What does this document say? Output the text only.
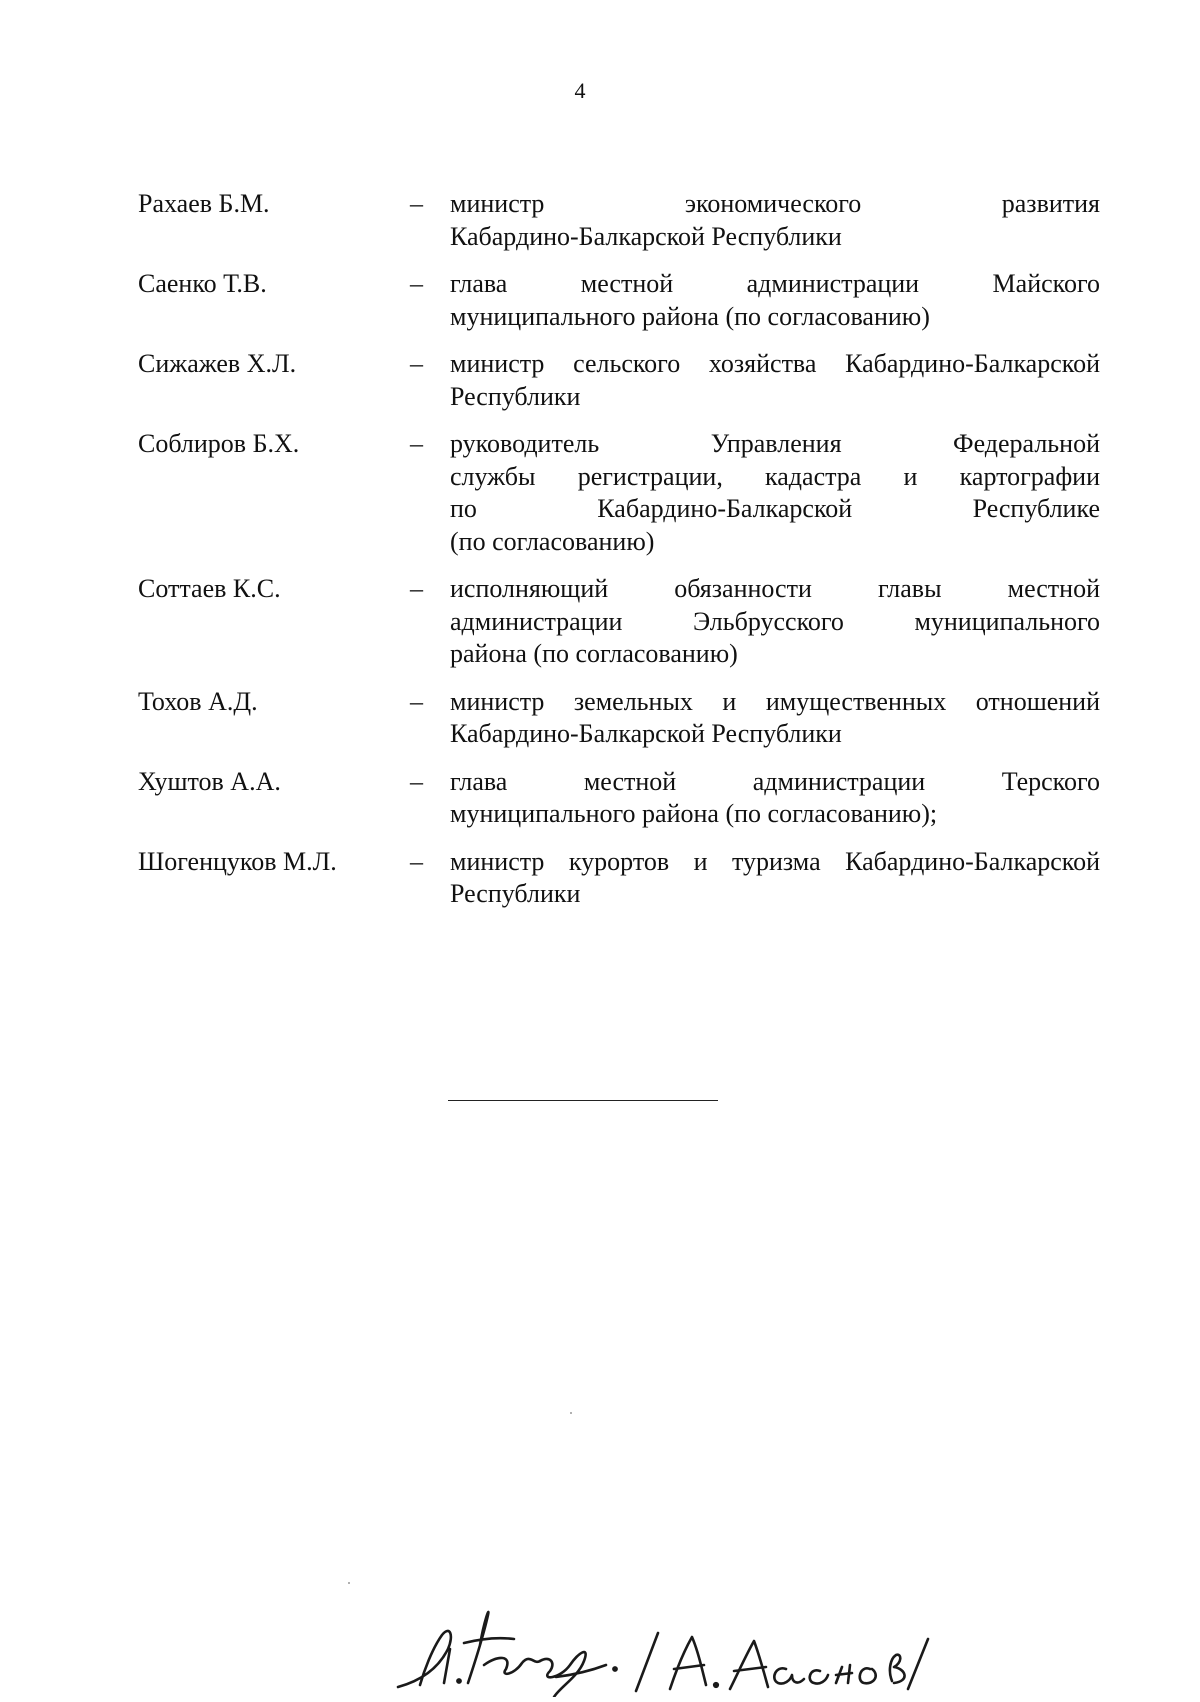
4
Рахаев Б.М.	–	министр экономического развития
Кабардино-Балкарской Республики
Саенко Т.В.	–	глава местной администрации Майского
муниципального района (по согласованию)
Сижажев Х.Л.	–	министр сельского хозяйства Кабардино-Балкарской
Республики
Соблиров Б.Х.	–	руководитель Управления Федеральной
службы регистрации, кадастра и картографии
по Кабардино-Балкарской Республике
(по согласованию)
Соттаев К.С.	–	исполняющий обязанности главы местной
администрации Эльбрусского муниципального
района (по согласованию)
Тохов А.Д.	–	министр земельных и имущественных отношений
Кабардино-Балкарской Республики
Хуштов А.А.	–	глава местной администрации Терского
муниципального района (по согласованию);
Шогенцуков М.Л.	–	министр курортов и туризма Кабардино-Балкарской
Республики
